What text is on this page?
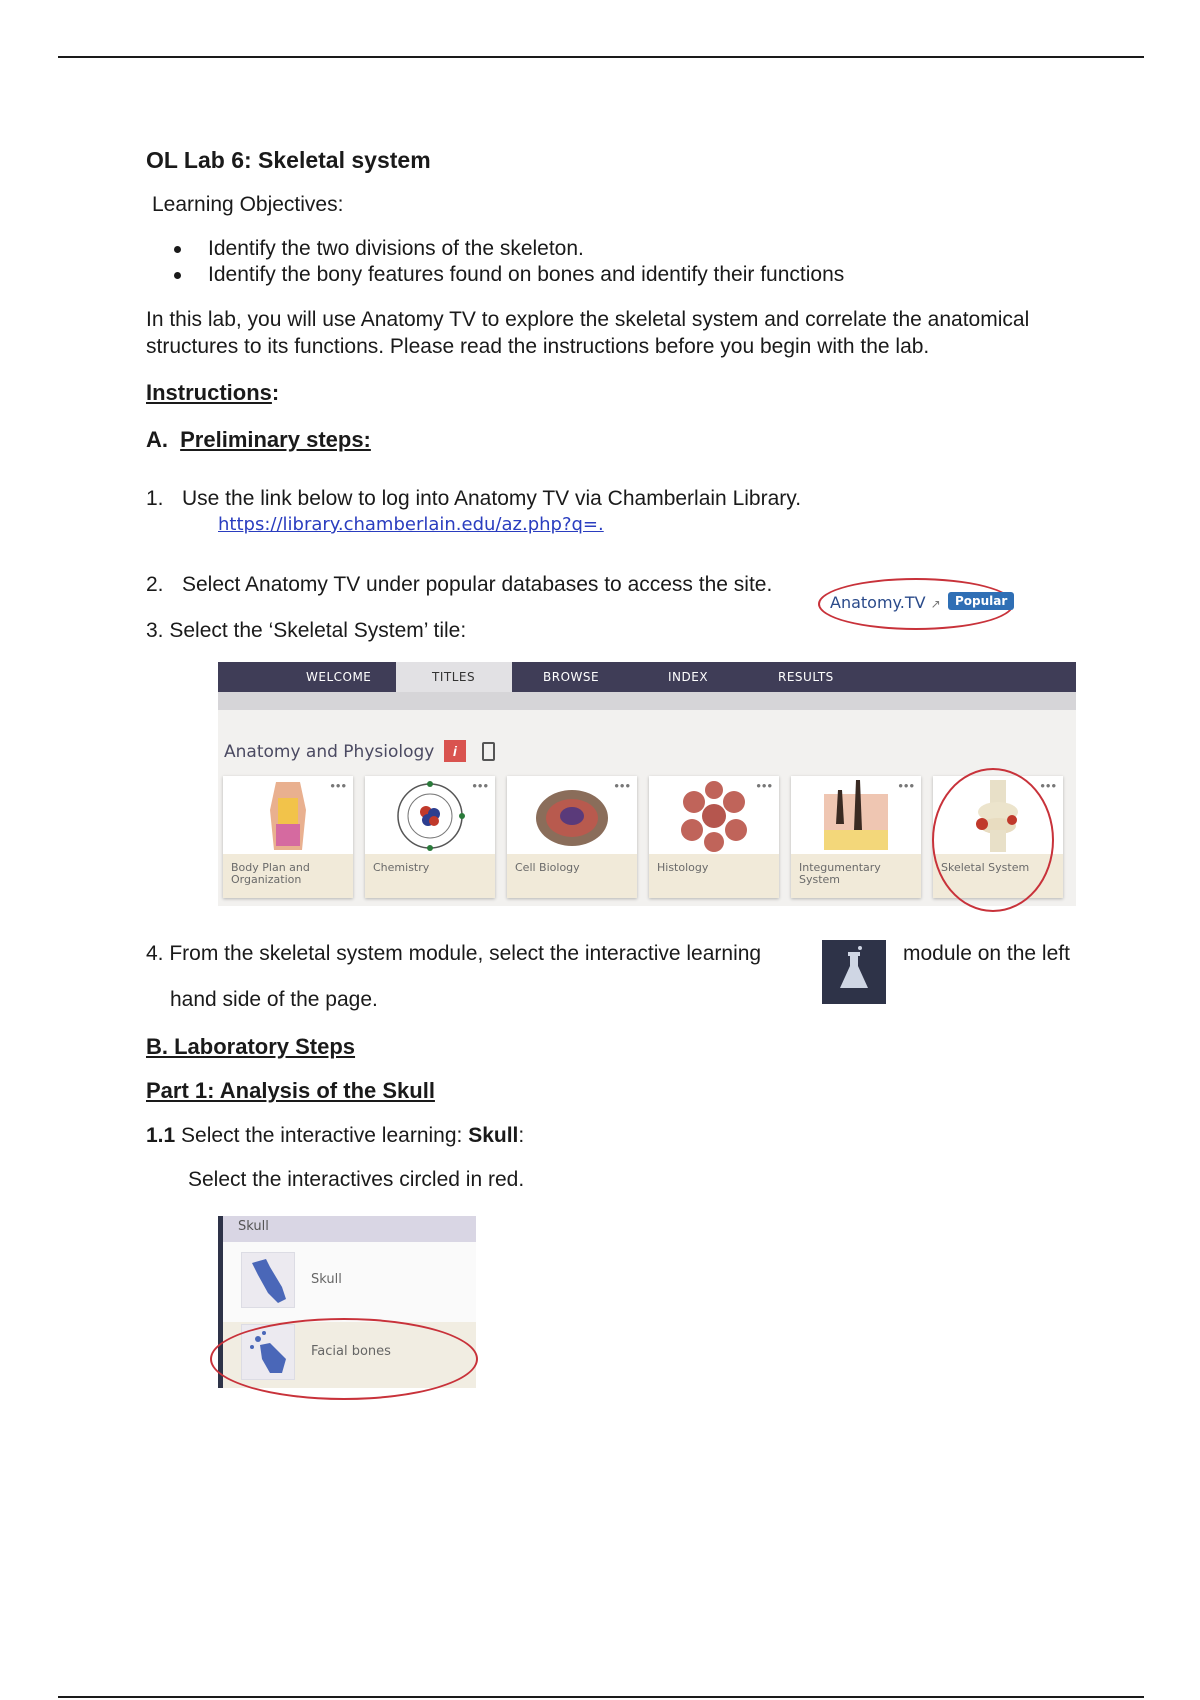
OL Lab 6: Skeletal system
Learning Objectives:
Identify the two divisions of the skeleton.
Identify the bony features found on bones and identify their functions
In this lab, you will use Anatomy TV to explore the skeletal system and correlate the anatomical
structures to its functions. Please read the instructions before you begin with the lab.
Instructions:
A. Preliminary steps:
1. Use the link below to log into Anatomy TV via Chamberlain Library.
https://library.chamberlain.edu/az.php?q=.
2. Select Anatomy TV under popular databases to access the site.
Anatomy.TV ↗	Popular
3. Select the ‘Skeletal System’ tile:
WELCOME	TITLES	BROWSE	INDEX	RESULTS
Anatomy and Physiology	i
•••
Body Plan and Organization
•••
Chemistry
•••
Cell Biology
•••
Histology
•••
Integumentary System
•••
Skeletal System
4. From the skeletal system module, select the interactive learning	module on the left
hand side of the page.
B. Laboratory Steps
Part 1: Analysis of the Skull
1.1 Select the interactive learning: Skull:
Select the interactives circled in red.
Skull
Skull
Facial bones
